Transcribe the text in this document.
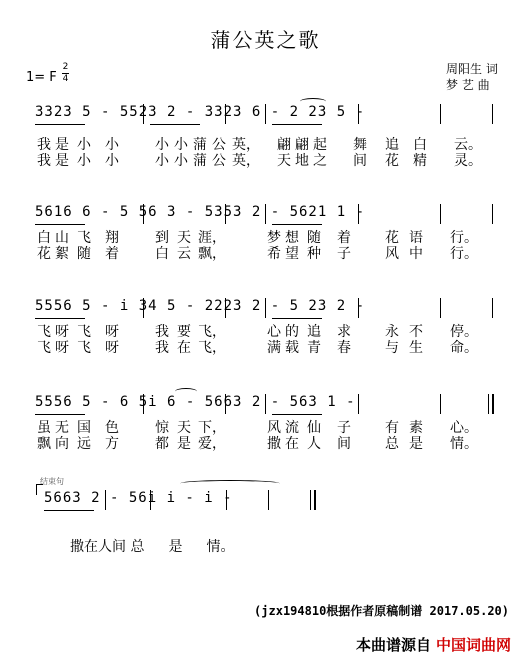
蒲公英之歌
1= F
2
4
周阳生 词
梦 艺 曲
3323 5 - 5523 2 - 3323 6 - 2 23 5 -
我 是 小 小	小 小 蒲 公 英， 翩 翩 起 舞 追 白 云。
我 是 小 小	小 小 蒲 公 英， 天 地 之 间 花 精 灵。
5616 6 - 5 56 3 - 5353 2 - 5621 1 -
白 山 飞 翔	到 天 涯，	梦 想 随 着 花 语 行。
花 絮 随 着	白 云 飘，	希 望 种 子 风 中 行。
5556 5 - i 34 5 - 2223 2 - 5 23 2 -
飞 呀 飞 呀	我 要 飞，	心 的 追 求 永 不 停。
飞 呀 飞 呀	我 在 飞，	满 载 青 春 与 生 命。
5556 5 - 6 5i 6 - 5663 2 - 563 1 -
虽 无 国 色	惊 天 下，	风 流 仙 子 有 素 心。
飘 向 远 方	都 是 爱，	撒 在 人 间 总 是 情。
结束句
5663 2 - 56i i - i -
撒在人间 总 是 情。
(jzx194810根据作者原稿制谱 2017.05.20)
本曲谱源自 中国词曲网
